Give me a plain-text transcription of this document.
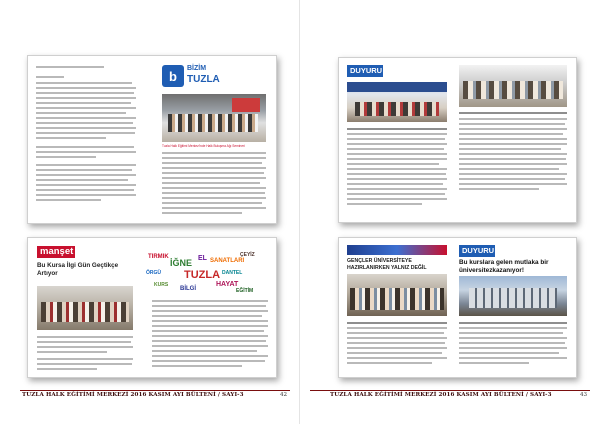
b
BİZİM
TUZLA
Tuzla Halk Eğitimi Merkezi'nde Halk Buluşma Ağı Semineri
manşet
Bu Kursa İlgi Gün Geçtikçe Artıyor
TIRMIK
İĞNE
ÖRGÜ
EL SANATLARI
TUZLA DANTEL
KURS
BİLGİ
HAYAT
ÇEYİZ
EĞİTİM
TUZLA HALK EĞİTİMİ MERKEZİ 2016 KASIM AYI BÜLTENİ / SAYI-3	42
DUYURU
GENÇLER ÜNİVERSİTEYE
HAZIRLANIRKEN YALNIZ DEĞİL
DUYURU
Bu kurslara gelen mutlaka bir
üniversitezkazanıyor!
TUZLA HALK EĞİTİMİ MERKEZİ 2016 KASIM AYI BÜLTENİ / SAYI-3	43
